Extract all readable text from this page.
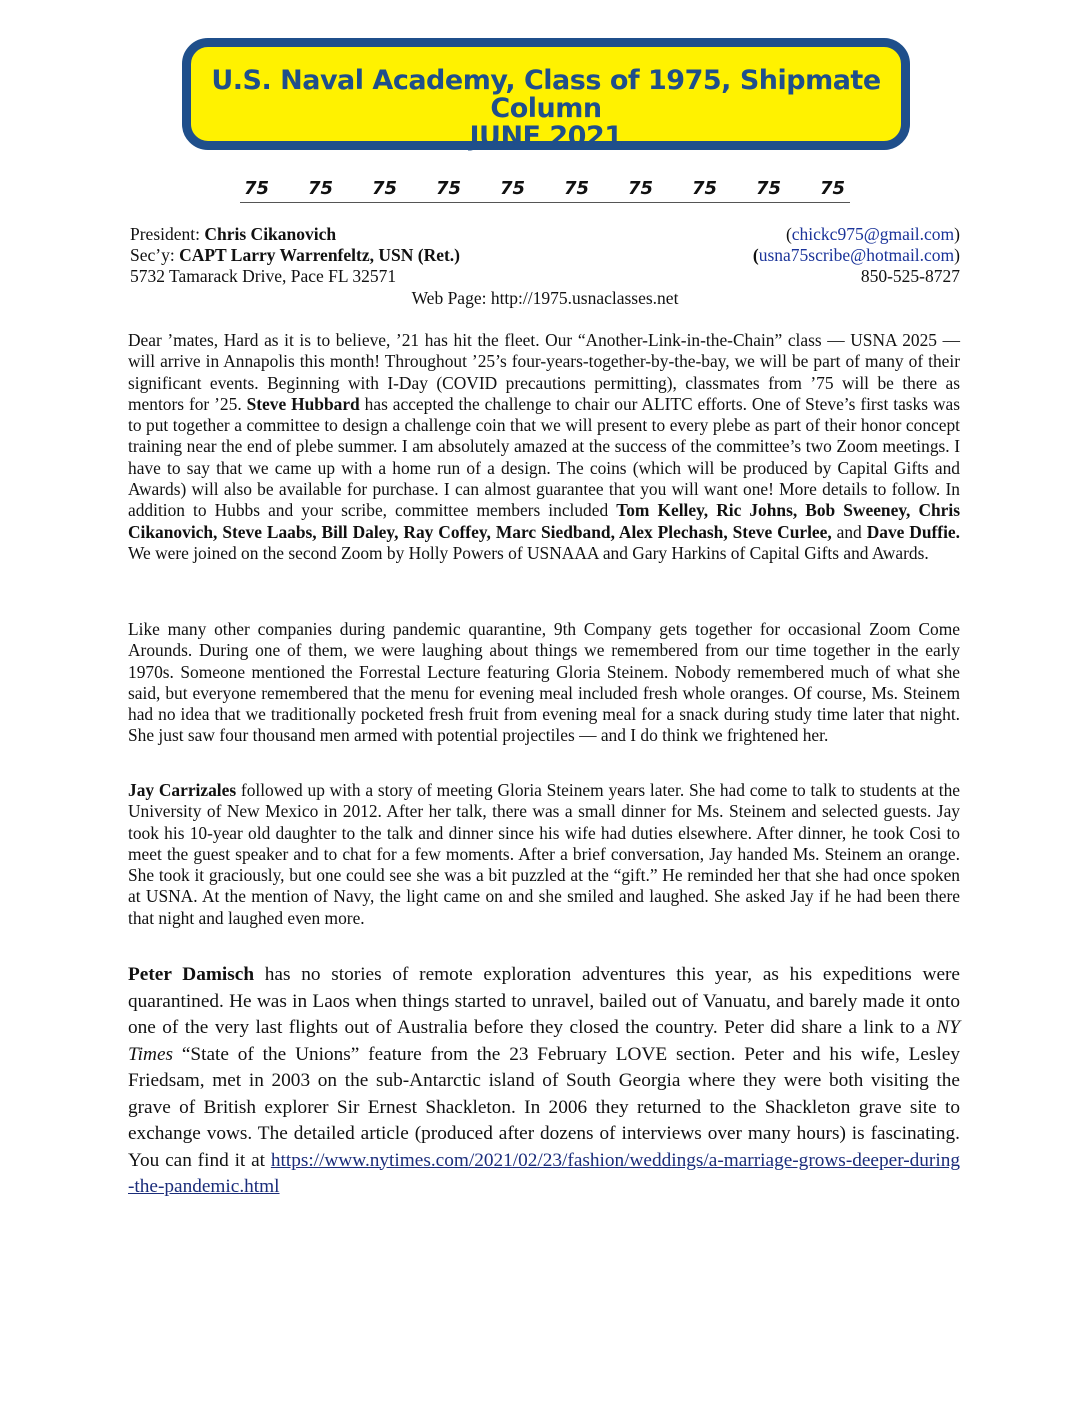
U.S. Naval Academy, Class of 1975, Shipmate Column
JUNE 2021
75 75 75 75 75 75 75 75 75 75
President: Chris Cikanovich	(chickc975@gmail.com)
Sec’y: CAPT Larry Warrenfeltz, USN (Ret.)	(usna75scribe@hotmail.com)
5732 Tamarack Drive, Pace FL 32571	850-525-8727
Web Page: http://1975.usnaclasses.net

Dear ’mates, Hard as it is to believe, ’21 has hit the fleet. Our “Another-Link-in-the-Chain” class — USNA 2025 — will arrive in Annapolis this month! Throughout ’25’s four-years-together-by-the-bay, we will be part of many of their significant events. Beginning with I-Day (COVID precautions permitting), classmates from ’75 will be there as mentors for ’25. Steve Hubbard has accepted the challenge to chair our ALITC efforts. One of Steve’s first tasks was to put together a committee to design a challenge coin that we will present to every plebe as part of their honor concept training near the end of plebe summer. I am absolutely amazed at the success of the committee’s two Zoom meetings. I have to say that we came up with a home run of a design. The coins (which will be produced by Capital Gifts and Awards) will also be available for purchase. I can almost guarantee that you will want one! More details to follow. In addition to Hubbs and your scribe, committee members included Tom Kelley, Ric Johns, Bob Sweeney, Chris Cikanovich, Steve Laabs, Bill Daley, Ray Coffey, Marc Siedband, Alex Plechash, Steve Curlee, and Dave Duffie. We were joined on the second Zoom by Holly Powers of USNAAA and Gary Harkins of Capital Gifts and Awards.

Like many other companies during pandemic quarantine, 9th Company gets together for occasional Zoom Come Arounds. During one of them, we were laughing about things we remembered from our time together in the early 1970s. Someone mentioned the Forrestal Lecture featuring Gloria Steinem. Nobody remembered much of what she said, but everyone remembered that the menu for evening meal included fresh whole oranges. Of course, Ms. Steinem had no idea that we traditionally pocketed fresh fruit from evening meal for a snack during study time later that night. She just saw four thousand men armed with potential projectiles — and I do think we frightened her.

Jay Carrizales followed up with a story of meeting Gloria Steinem years later. She had come to talk to students at the University of New Mexico in 2012. After her talk, there was a small dinner for Ms. Steinem and selected guests. Jay took his 10-year old daughter to the talk and dinner since his wife had duties elsewhere. After dinner, he took Cosi to meet the guest speaker and to chat for a few moments. After a brief conversation, Jay handed Ms. Steinem an orange. She took it graciously, but one could see she was a bit puzzled at the “gift.” He reminded her that she had once spoken at USNA. At the mention of Navy, the light came on and she smiled and laughed. She asked Jay if he had been there that night and laughed even more.

Peter Damisch has no stories of remote exploration adventures this year, as his expeditions were quarantined. He was in Laos when things started to unravel, bailed out of Vanuatu, and barely made it onto one of the very last flights out of Australia before they closed the country. Peter did share a link to a NY Times “State of the Unions” feature from the 23 February LOVE section. Peter and his wife, Lesley Friedsam, met in 2003 on the sub-Antarctic island of South Georgia where they were both visiting the grave of British explorer Sir Ernest Shackleton. In 2006 they returned to the Shackleton grave site to exchange vows. The detailed article (produced after dozens of interviews over many hours) is fascinating. You can find it at https://www.nytimes.com/2021/02/23/fashion/weddings/a-marriage-grows-deeper-during-the-pandemic.html
